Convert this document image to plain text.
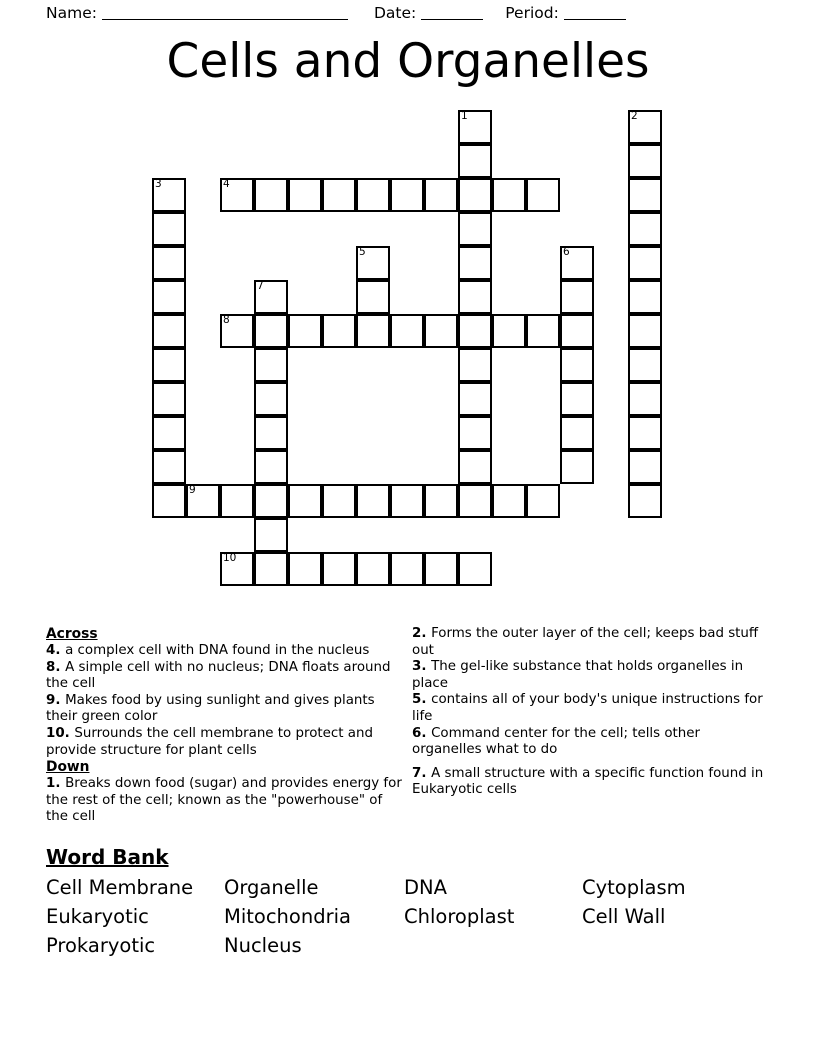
Name:	Date:	Period:
Cells and Organelles
1	2
3	4
5	6
7
8
9
10
Across
4. a complex cell with DNA found in the nucleus
8. A simple cell with no nucleus; DNA floats around the cell
9. Makes food by using sunlight and gives plants their green color
10. Surrounds the cell membrane to protect and provide structure for plant cells
Down
1. Breaks down food (sugar) and provides energy for the rest of the cell; known as the "powerhouse" of the cell
2. Forms the outer layer of the cell; keeps bad stuff out
3. The gel-like substance that holds organelles in place
5. contains all of your body's unique instructions for life
6. Command center for the cell; tells other organelles what to do
7. A small structure with a specific function found in Eukaryotic cells
Word Bank
Cell Membrane	Organelle	DNA	Cytoplasm
Eukaryotic	Mitochondria	Chloroplast	Cell Wall
Prokaryotic	Nucleus
